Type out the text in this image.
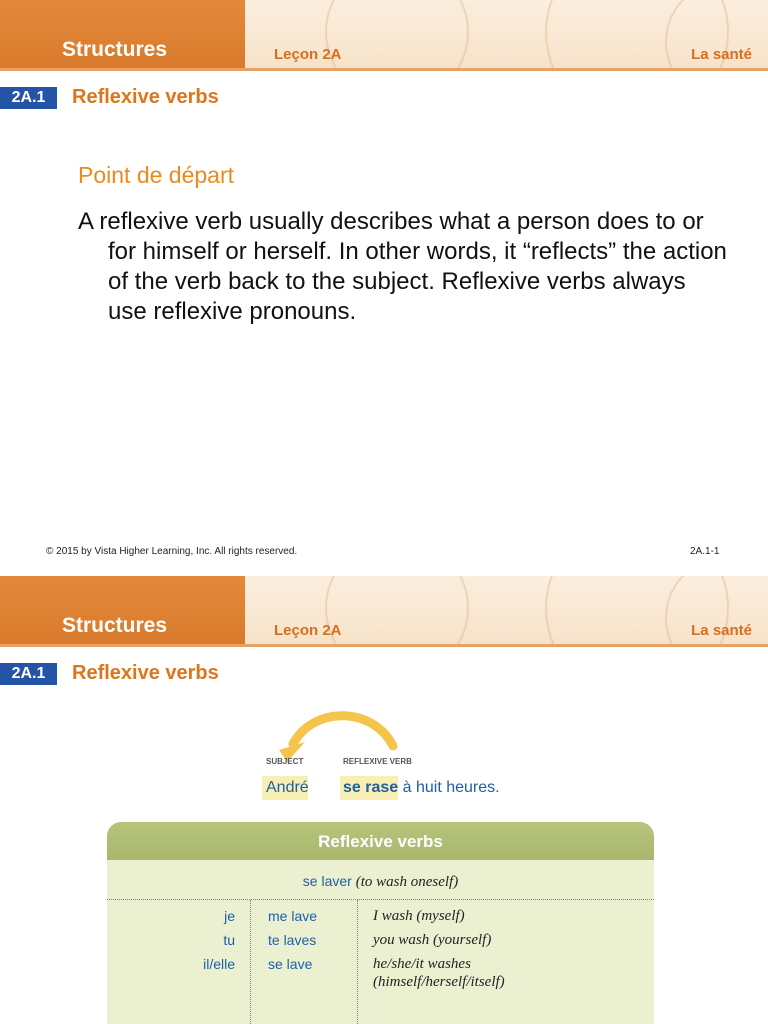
Structures	Leçon 2A	La santé
2A.1	Reflexive verbs
Point de départ
A reflexive verb usually describes what a person does to or for himself or herself. In other words, it “reflects” the action of the verb back to the subject. Reflexive verbs always use reflexive pronouns.
© 2015 by Vista Higher Learning, Inc. All rights reserved.	2A.1-1
Structures	Leçon 2A	La santé
2A.1	Reflexive verbs
SUBJECT	REFLEXIVE VERB
André se rase à huit heures.
Reflexive verbs
se laver (to wash oneself)
je me lave	I wash (myself)
tu te laves	you wash (yourself)
il/elle se lave	he/she/it washes (himself/herself/itself)
